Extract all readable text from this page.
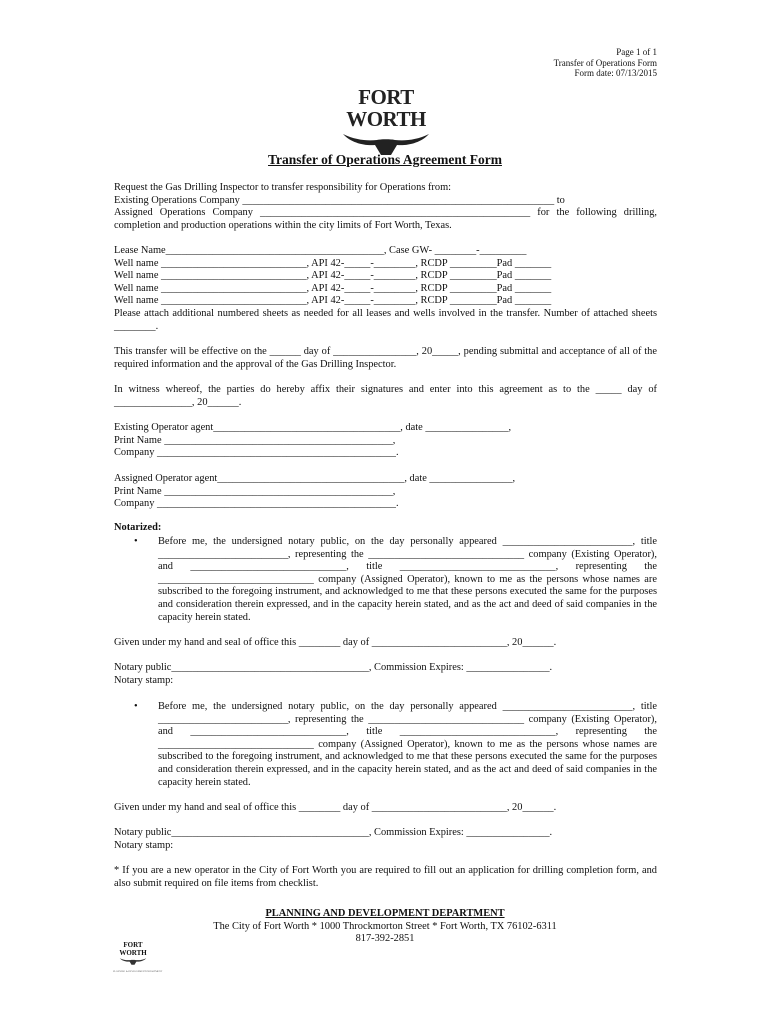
Page 1 of 1
Transfer of Operations Form
Form date: 07/13/2015
FORT WORTH
Transfer of Operations Agreement Form
Request the Gas Drilling Inspector to transfer responsibility for Operations from:
Existing Operations Company ____________________________________________________________ to
Assigned Operations Company ____________________________________________________ for the following drilling, completion and production operations within the city limits of Fort Worth, Texas.
Lease Name__________________________________________, Case GW- ________-_________
Well name ____________________________, API 42-_____-________, RCDP _________Pad _______
Well name ____________________________, API 42-_____-________, RCDP _________Pad _______
Well name ____________________________, API 42-_____-________, RCDP _________Pad _______
Well name ____________________________, API 42-_____-________, RCDP _________Pad _______
Please attach additional numbered sheets as needed for all leases and wells involved in the transfer. Number of attached sheets ________.
This transfer will be effective on the ______ day of ________________, 20_____, pending submittal and acceptance of all of the required information and the approval of the Gas Drilling Inspector.
In witness whereof, the parties do hereby affix their signatures and enter into this agreement as to the _____ day of _______________, 20______.
Existing Operator agent____________________________________, date ________________,
Print Name ____________________________________________,
Company ______________________________________________.
Assigned Operator agent____________________________________, date ________________,
Print Name ____________________________________________,
Company ______________________________________________.
Notarized:
• Before me, the undersigned notary public, on the day personally appeared _________________________, title _________________________, representing the ______________________________ company (Existing Operator), and ______________________________, title ______________________________, representing the ______________________________ company (Assigned Operator), known to me as the persons whose names are subscribed to the foregoing instrument, and acknowledged to me that these persons executed the same for the purposes and consideration therein expressed, and in the capacity herein stated, and as the act and deed of said companies in the capacity herein stated.
Given under my hand and seal of office this ________ day of __________________________, 20______.
Notary public______________________________________, Commission Expires: ________________.
Notary stamp:
• Before me, the undersigned notary public, on the day personally appeared _________________________, title _________________________, representing the ______________________________ company (Existing Operator), and ______________________________, title ______________________________, representing the ______________________________ company (Assigned Operator), known to me as the persons whose names are subscribed to the foregoing instrument, and acknowledged to me that these persons executed the same for the purposes and consideration therein expressed, and in the capacity herein stated, and as the act and deed of said companies in the capacity herein stated.
Given under my hand and seal of office this ________ day of __________________________, 20______.
Notary public______________________________________, Commission Expires: ________________.
Notary stamp:
* If you are a new operator in the City of Fort Worth you are required to fill out an application for drilling completion form, and also submit required on file items from checklist.
PLANNING AND DEVELOPMENT DEPARTMENT
The City of Fort Worth * 1000 Throckmorton Street * Fort Worth, TX 76102-6311
817-392-2851
FORT WORTH
PLANNING & DEVELOPMENT DEPARTMENT
